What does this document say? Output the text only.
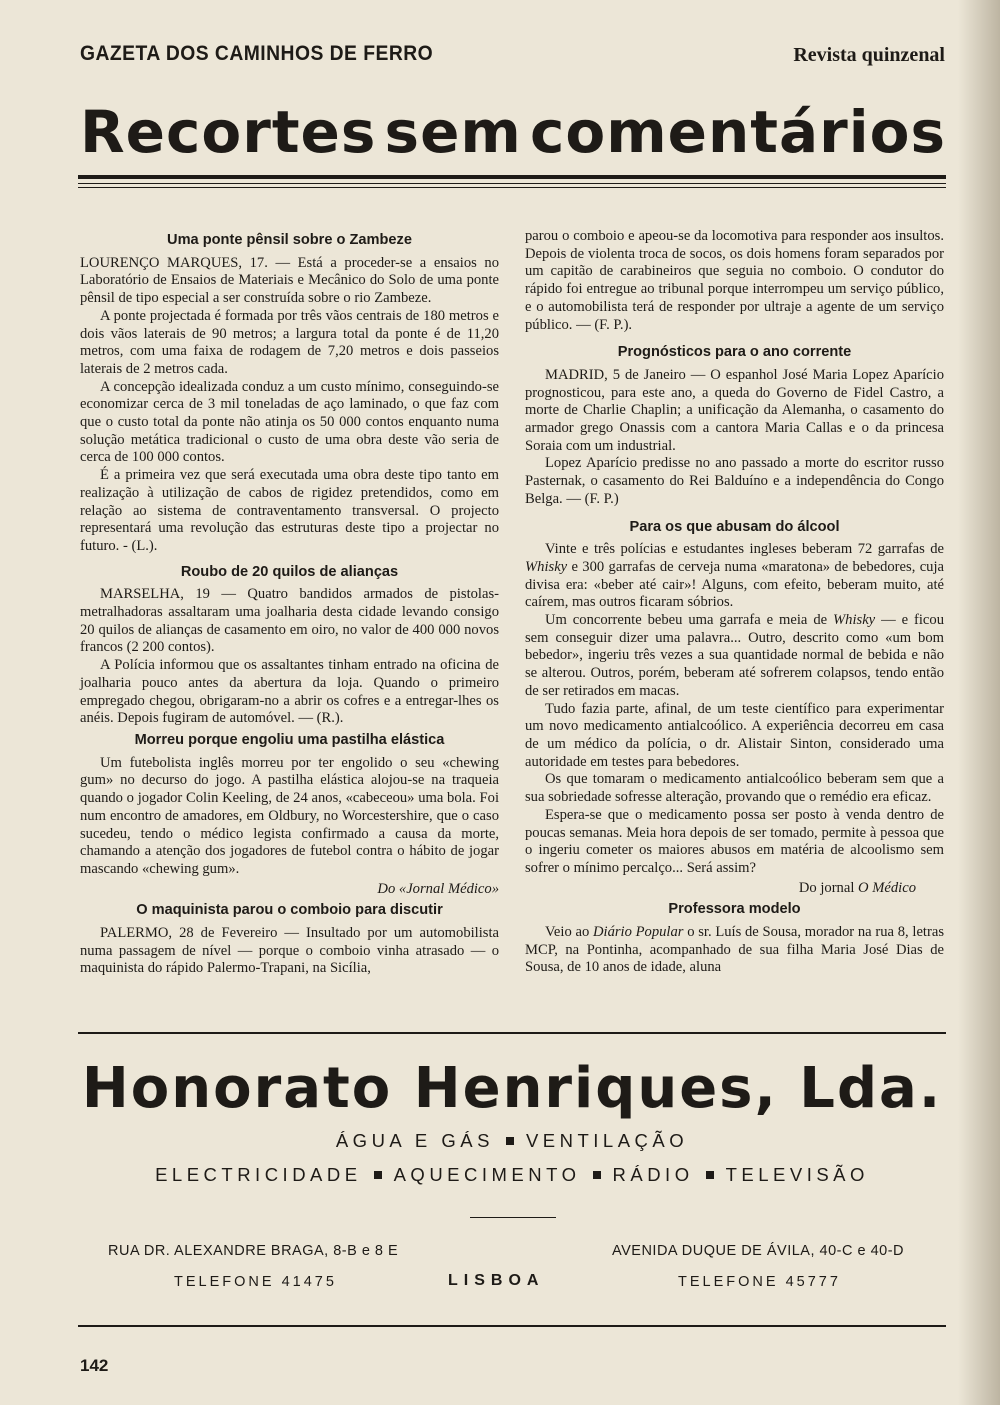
GAZETA DOS CAMINHOS DE FERRO	Revista quinzenal
Recortes sem comentários
Uma ponte pênsil sobre o Zambeze

LOURENÇO MARQUES, 17. — Está a proceder-se a ensaios no Laboratório de Ensaios de Materiais e Mecânico do Solo de uma ponte pênsil de tipo especial a ser construída sobre o rio Zambeze.

A ponte projectada é formada por três vãos centrais de 180 metros e dois vãos laterais de 90 metros; a largura total da ponte é de 11,20 metros, com uma faixa de rodagem de 7,20 metros e dois passeios laterais de 2 metros cada.

A concepção idealizada conduz a um custo mínimo, conseguindo-se economizar cerca de 3 mil toneladas de aço laminado, o que faz com que o custo total da ponte não atinja os 50 000 contos enquanto numa solução metática tradicional o custo de uma obra deste vão seria de cerca de 100 000 contos.

É a primeira vez que será executada uma obra deste tipo tanto em realização à utilização de cabos de rigidez pretendidos, como em relação ao sistema de contraventamento transversal. O projecto representará uma revolução das estruturas deste tipo a projectar no futuro. - (L.).

Roubo de 20 quilos de alianças

MARSELHA, 19 — Quatro bandidos armados de pistolas-metralhadoras assaltaram uma joalharia desta cidade levando consigo 20 quilos de alianças de casamento em oiro, no valor de 400 000 novos francos (2 200 contos).

A Polícia informou que os assaltantes tinham entrado na oficina de joalharia pouco antes da abertura da loja. Quando o primeiro empregado chegou, obrigaram-no a abrir os cofres e a entregar-lhes os anéis. Depois fugiram de automóvel. — (R.).

Morreu porque engoliu uma pastilha elástica

Um futebolista inglês morreu por ter engolido o seu «chewing gum» no decurso do jogo. A pastilha elástica alojou-se na traqueia quando o jogador Colin Keeling, de 24 anos, «cabeceou» uma bola. Foi num encontro de amadores, em Oldbury, no Worcestershire, que o caso sucedeu, tendo o médico legista confirmado a causa da morte, chamando a atenção dos jogadores de futebol contra o hábito de jogar mascando «chewing gum».

Do «Jornal Médico»
O maquinista parou o comboio para discutir

PALERMO, 28 de Fevereiro — Insultado por um automobilista numa passagem de nível — porque o comboio vinha atrasado — o maquinista do rápido Palermo-Trapani, na Sicília,

parou o comboio e apeou-se da locomotiva para responder aos insultos. Depois de violenta troca de socos, os dois homens foram separados por um capitão de carabineiros que seguia no comboio. O condutor do rápido foi entregue ao tribunal porque interrompeu um serviço público, e o automobilista terá de responder por ultraje a agente de um serviço público. — (F. P.).

Prognósticos para o ano corrente

MADRID, 5 de Janeiro — O espanhol José Maria Lopez Aparício prognosticou, para este ano, a queda do Governo de Fidel Castro, a morte de Charlie Chaplin; a unificação da Alemanha, o casamento do armador grego Onassis com a cantora Maria Callas e o da princesa Soraia com um industrial.

Lopez Aparício predisse no ano passado a morte do escritor russo Pasternak, o casamento do Rei Balduíno e a independência do Congo Belga. — (F. P.)

Para os que abusam do álcool

Vinte e três polícias e estudantes ingleses beberam 72 garrafas de Whisky e 300 garrafas de cerveja numa «maratona» de bebedores, cuja divisa era: «beber até cair»! Alguns, com efeito, beberam muito, até caírem, mas outros ficaram sóbrios.

Um concorrente bebeu uma garrafa e meia de Whisky — e ficou sem conseguir dizer uma palavra... Outro, descrito como «um bom bebedor», ingeriu três vezes a sua quantidade normal de bebida e não se alterou. Outros, porém, beberam até sofrerem colapsos, tendo então de ser retirados em macas.

Tudo fazia parte, afinal, de um teste científico para experimentar um novo medicamento antialcoólico. A experiência decorreu em casa de um médico da polícia, o dr. Alistair Sinton, considerado uma autoridade em testes para bebedores.

Os que tomaram o medicamento antialcoólico beberam sem que a sua sobriedade sofresse alteração, provando que o remédio era eficaz.

Espera-se que o medicamento possa ser posto à venda dentro de poucas semanas. Meia hora depois de ser tomado, permite à pessoa que o ingeriu cometer os maiores abusos em matéria de alcoolismo sem sofrer o mínimo percalço... Será assim?

Do jornal O Médico
Professora modelo

Veio ao Diário Popular o sr. Luís de Sousa, morador na rua 8, letras MCP, na Pontinha, acompanhado de sua filha Maria José Dias de Sousa, de 10 anos de idade, aluna

Honorato Henriques, Lda.
ÁGUA E GÁS VENTILAÇÃO
ELECTRICIDADE AQUECIMENTO RÁDIO TELEVISÃO
RUA DR. ALEXANDRE BRAGA, 8-B e 8 E
TELEFONE 41475	LISBOA
AVENIDA DUQUE DE ÁVILA, 40-C e 40-D
TELEFONE 45777
142
